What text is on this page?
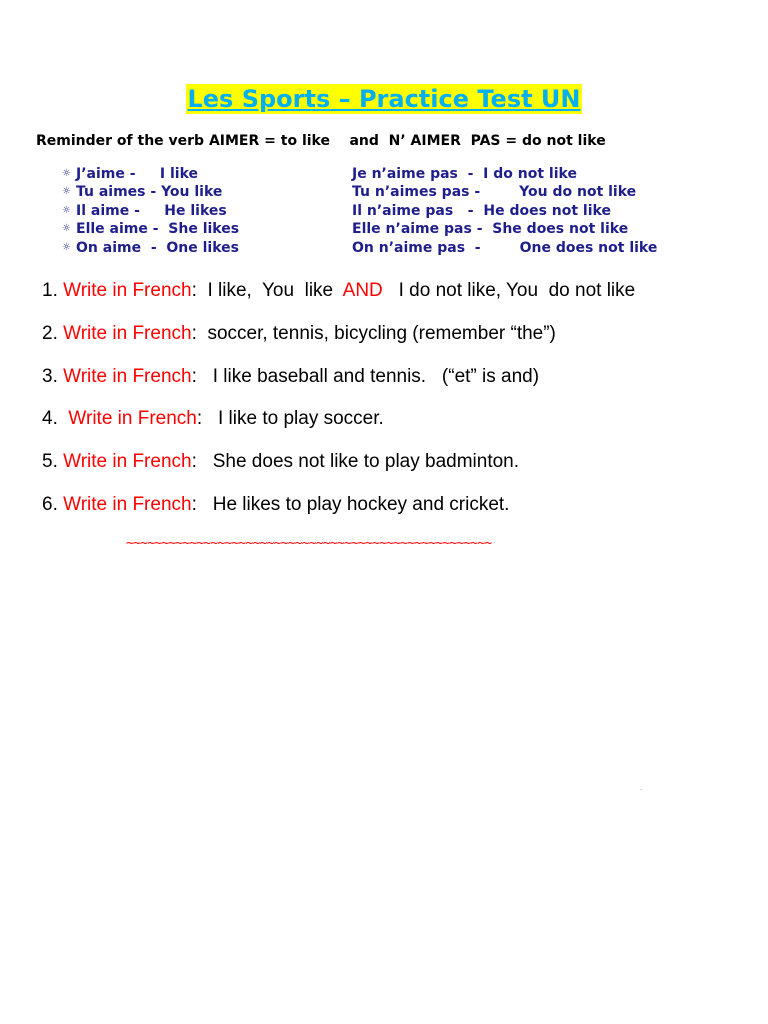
Les Sports – Practice Test UN
Reminder of the verb AIMER = to like    and  N’ AIMER  PAS = do not like

☼

J’aime -     I like

	Je n’aime pas  -  I do not like

☼

Tu aimes - You like

	Tu n’aimes pas -        You do not like

☼

Il aime -     He likes

	Il n’aime pas   -  He does not like

☼

Elle aime -  She likes

	Elle n’aime pas -  She does not like

☼

On aime  -  One likes

	On n’aime pas  -        One does not like

1. Write in French:  I like,  You  like  AND   I do not like, You  do not like
2. Write in French:  soccer, tennis, bicycling (remember “the”)
3. Write in French:   I like baseball and tennis.   (“et” is and)
4.  Write in French:   I like to play soccer.
5. Write in French:   She does not like to play badminton.
6. Write in French:   He likes to play hockey and cricket.
~~~~~~~~~~~~~~~~~~~~~~~~~~~~~~~~~~~~~~~~~~~~~~~~~~~~
-
